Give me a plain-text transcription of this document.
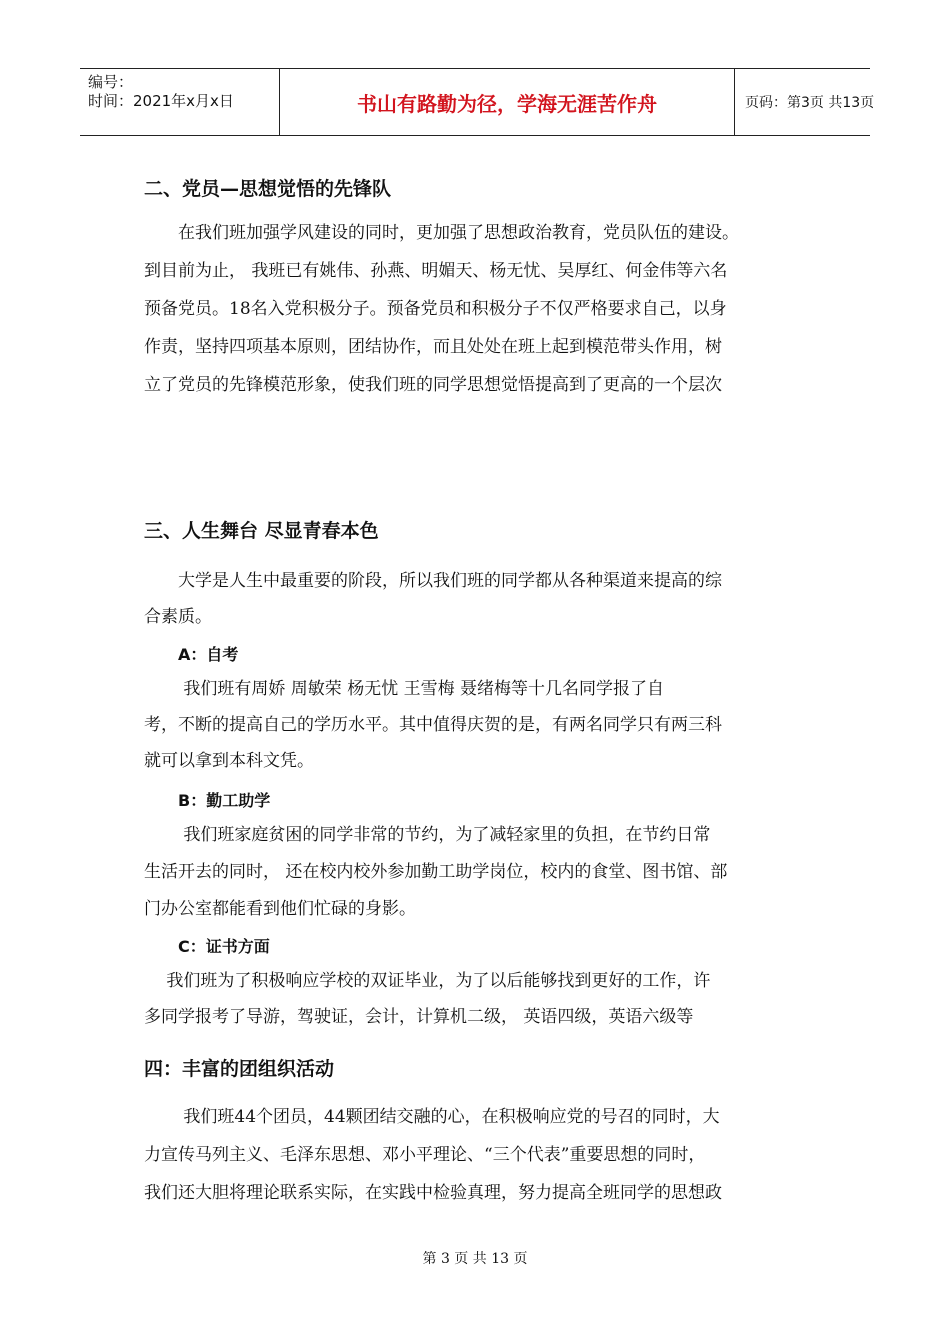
编号：
时间：2021年x月x日	书山有路勤为径，学海无涯苦作舟	页码：第3页 共13页
二、党员—思想觉悟的先锋队
　　在我们班加强学风建设的同时，更加强了思想政治教育，党员队伍的建设。
到目前为止， 我班已有姚伟、孙燕、明媚天、杨无忧、吴厚红、何金伟等六名
预备党员。18名入党积极分子。预备党员和积极分子不仅严格要求自己，以身
作责，坚持四项基本原则，团结协作，而且处处在班上起到模范带头作用，树
立了党员的先锋模范形象，使我们班的同学思想觉悟提高到了更高的一个层次
三、人生舞台 尽显青春本色
　　大学是人生中最重要的阶段，所以我们班的同学都从各种渠道来提高的综
合素质。
A：自考
　　 我们班有周娇 周敏荣 杨无忧 王雪梅 聂绪梅等十几名同学报了自
考，不断的提高自己的学历水平。其中值得庆贺的是，有两名同学只有两三科
就可以拿到本科文凭。
B：勤工助学
　　 我们班家庭贫困的同学非常的节约，为了减轻家里的负担，在节约日常
生活开去的同时， 还在校内校外参加勤工助学岗位，校内的食堂、图书馆、部
门办公室都能看到他们忙碌的身影。
C：证书方面
　 我们班为了积极响应学校的双证毕业，为了以后能够找到更好的工作，许
多同学报考了导游，驾驶证，会计，计算机二级， 英语四级，英语六级等
四：丰富的团组织活动
　　 我们班44个团员，44颗团结交融的心，在积极响应党的号召的同时，大
力宣传马列主义、毛泽东思想、邓小平理论、“三个代表”重要思想的同时，
我们还大胆将理论联系实际，在实践中检验真理，努力提高全班同学的思想政
第 3 页 共 13 页
